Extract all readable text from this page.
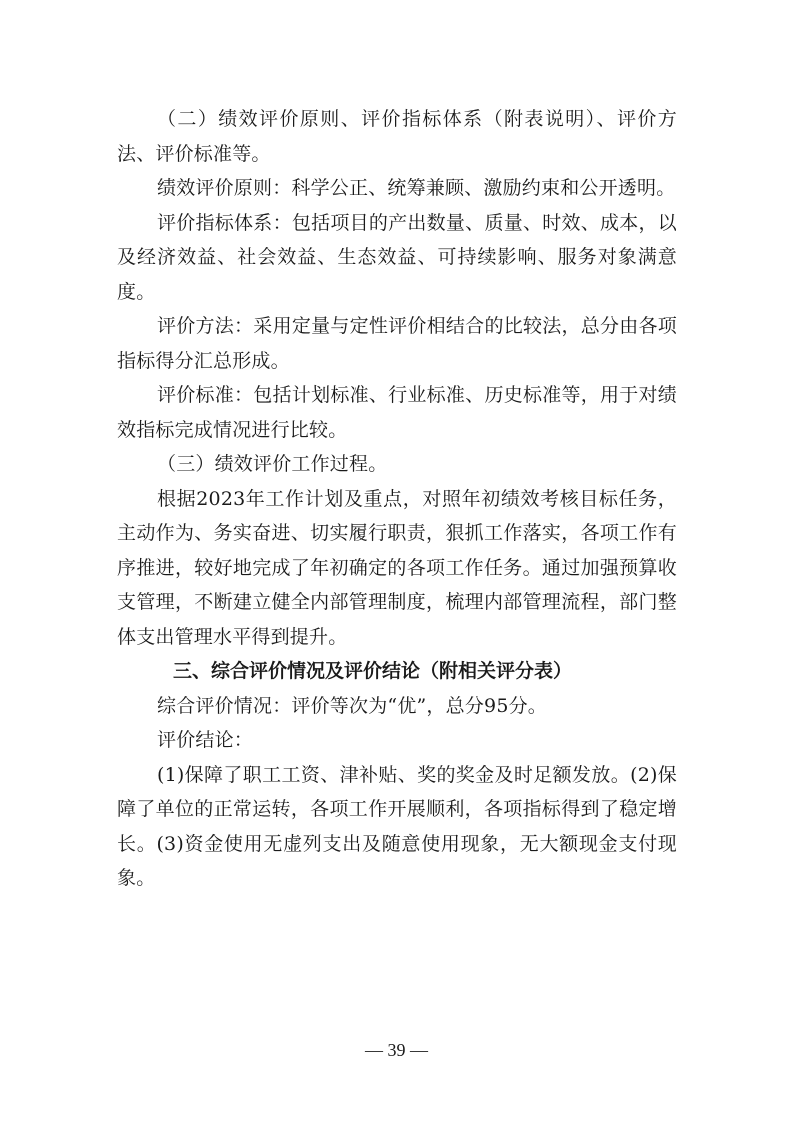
（二）绩效评价原则、评价指标体系（附表说明）、评价方法、评价标准等。

绩效评价原则：科学公正、统筹兼顾、激励约束和公开透明。

评价指标体系：包括项目的产出数量、质量、时效、成本，以及经济效益、社会效益、生态效益、可持续影响、服务对象满意度。

评价方法：采用定量与定性评价相结合的比较法，总分由各项指标得分汇总形成。

评价标准：包括计划标准、行业标准、历史标准等，用于对绩效指标完成情况进行比较。

（三）绩效评价工作过程。

根据2023年工作计划及重点，对照年初绩效考核目标任务，主动作为、务实奋进、切实履行职责，狠抓工作落实，各项工作有序推进，较好地完成了年初确定的各项工作任务。通过加强预算收支管理，不断建立健全内部管理制度，梳理内部管理流程，部门整体支出管理水平得到提升。

三、综合评价情况及评价结论（附相关评分表）

综合评价情况：评价等次为“优”，总分95分。

评价结论：

(1)保障了职工工资、津补贴、奖的奖金及时足额发放。(2)保障了单位的正常运转，各项工作开展顺利，各项指标得到了稳定增长。(3)资金使用无虚列支出及随意使用现象，无大额现金支付现象。

— 39 —
